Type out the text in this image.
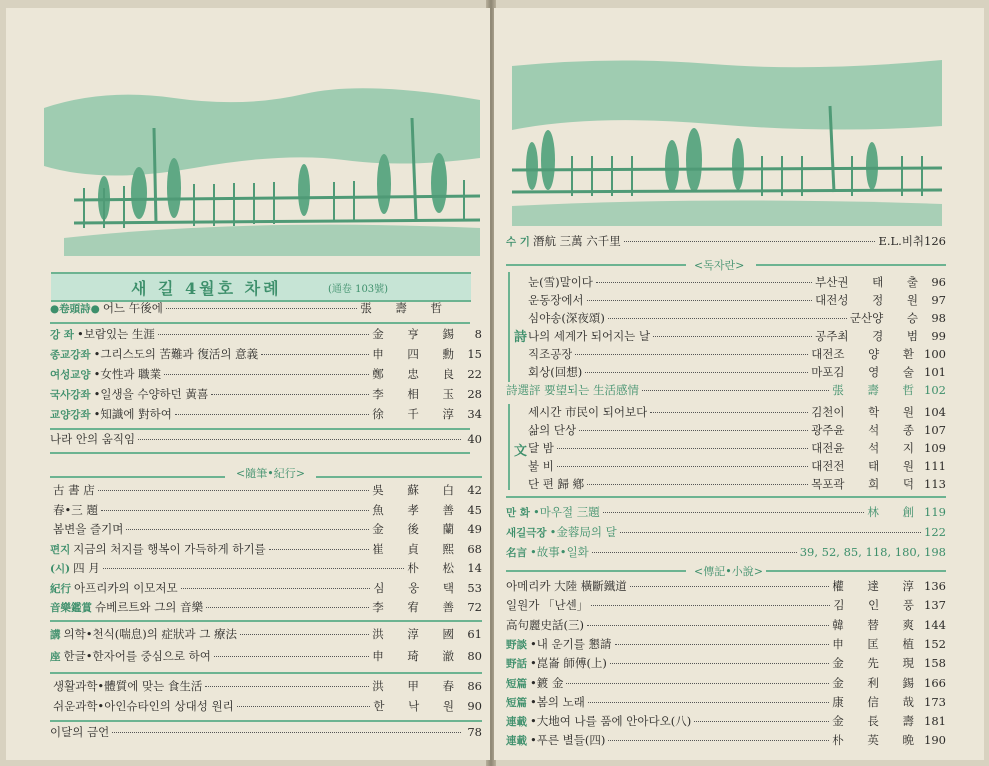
새 길 4월호 차례	(通卷 103號)
●卷頭詩● 어느 午後에	張 壽 哲
강 좌 •보람있는 生涯	金 亨 錫 8
종교강좌 •그리스도의 苦難과 復活의 意義	申 四 勳 15
여성교양 •女性과 職業	鄭 忠 良 22
국사강좌 •일생을 수양하던 黃喜	李 相 玉 28
교양강좌 •知識에 對하여	徐 千 淳 34
나라 안의 움직임	40
<隨筆•紀行>
古 書 店	吳 蘇 白 42
春•三 題	魚 孝 善 45
봄변을 즐기며	金 後 蘭 49
편지 지금의 처지를 행복이 가득하게 하기를	崔 貞 熙 68
(시) 四 月	朴 松 14
紀行 아프리카의 이모저모	심 웅 택 53
音樂鑑賞 슈베르트와 그의 音樂	李 宥 善 72
講 의학•천식(喘息)의 症狀과 그 療法	洪 淳 國 61
座 한글•한자어를 중심으로 하여	申 琦 澈 80
생활과학•體質에 맞는 食生活	洪 甲 春 86
쉬운과학•아인슈타인의 상대성 원리	한 낙 원 90
이달의 금언	78
수 기 潛航 三萬 六千里	E.L.비취 126
<독자란>
詩
눈(雪)말이다	부산 권 태 출 96
운동장에서	대전 성 정 원 97
심야송(深夜頌)	군산 양 승 98
나의 세계가 되어지는 날	공주 최 경 범 99
직조공장	대전 조 양 환 100
회상(回想)	마포 김 영 술 101
詩選評 要望되는 生活感情	張 壽 哲 102
文
세시간 市民이 되어보다	김천 이 학 원 104
삶의 단상	광주 윤 석 종 107
달 밤	대전 윤 석 지 109
불 비	대전 전 태 원 111
단 편 歸 鄕	목포 곽 희 덕 113
만 화 •마우절 三題	林 創 119
새길극장 •金蓉局의 달	122
名言 •故事•일화	39, 52, 85, 118, 180, 198
<傳記•小說>
아메리카 大陸 橫斷鐵道	權 達 淳 136
일원가 「난센」	김 인 풍 137
高句麗史話(三)	韓 替 爽 144
野談 •내 운기를 懇請	申 匡 植 152
野話 •崑崙 師傅(上)	金 先 現 158
短篇 •鍍 金	金 利 錫 166
短篇 •봄의 노래	康 信 哉 173
連載 •大地여 나를 품에 안아다오(八)	金 長 壽 181
連載 •푸른 별들(四)	朴 英 晩 190
